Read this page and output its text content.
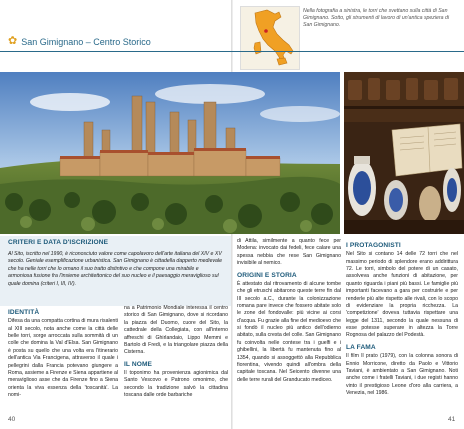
Nella fotografia a sinistra, le torri che svettano sulla città di San Gimignano. Sotto, gli strumenti di lavoro di un'antica speziera di San Gimignano.
✿ San Gimignano – Centro Storico
CRITERI E DATA D'ISCRIZIONE
Al Sito, iscritto nel 1990, è riconosciuto valore come capolavoro dell'arte italiana del XIV e XV secolo. Geniale esemplificazione urbanistica. San Gimignano è cittadella dapperto medievale che ha nelle torri che lo ornano il suo tratto distintivo e che compone una mirabile e armoniosa fusione fra l'insieme architettonico del suo nucleo e il paesaggio meraviglioso sul quale domina (criteri I, III, IV).
IDENTITÀ

Difesa da una compatta cortina di mura risalenti al XIII secolo, nota anche come la città delle belle torri, sorge arroccata sulla sommità di un colle che domina la Val d'Elsa. San Gimignano è posta su quello che una volta era l'itinerario dell'antica Via Francigena, attraverso il quale i pellegrini dalla Francia potevano giungere a Roma, assieme a Firenze e Siena appartiene al meraviglioso asse che da Firenze fino a Siena orienta la viva essenza della 'toscanità'. La nomi-

na a Patrimonio Mondiale interessa il centro storico di San Gimignano, dove si ricordano la piazza del Duomo, cuore del Sito, la cattedrale della Collegiata, con all'interno affreschi di Ghirlandaio, Lippo Memmi e Bartolo di Fredi, e la triangolare piazza della Cisterna.

IL NOME

Il toponimo ha provenienza agionimica dal Santo Vescovo e Patrono omonimo, che secondo la tradizione salvò la cittadina toscana dalle orde barbariche

di Attila, similmente a quanto fece per Modena: invocato dai fedeli, fece calare una spessa nebbia che rese San Gimignano invisibile al nemico.

ORIGINI E STORIA

È attestato dal ritrovamento di alcune tombe che gli etruschi abitarono queste terre fin dal III secolo a.C., durante la colonizzazione romana pare invece che fossero abitate solo le zone del fondovalle: più vicine ai corsi d'acqua. Fu grazie alla fine del medioevo che si fondò il nucleo più antico dell'odierno abitato, sulla cresta del colle. San Gimignano fu coinvolta nelle contese tra i guelfi e i ghibellini, la libertà fu mantenuta fino al 1354, quando si assoggettò alla Repubblica fiorentina, vivendo quindi all'ombra della capitale toscana. Nel Seicento divenne una delle terre rurali del Granducato mediceo.

I PROTAGONISTI

Nel Sito si contano 14 delle 72 torri che nel massimo periodo di splendore erano addirittura 72. Le torri, simbolo del potere di un casato, assolveva anche funzioni di abitazione, per quanto riguarda i piani più bassi. Le famiglie più importanti facevano a gara per costruirle e per renderle più alte rispetto alle rivali, con lo scopo di evidenziare la propria ricchezza. La 'competizione' doveva tuttavia rispettare una legge del 1311, secondo la quale nessuna di esse potesse superare in altezza la Torre Rognosa del palazzo del Podestà.

LA FAMA

Il film Il prato (1979), con la colonna sonora di Ennio Morricone, diretto da Paolo e Vittorio Taviani, è ambientato a San Gimignano. Noti anche come i fratelli Taviani, i due registi hanno vinto il prestigioso Leone d'oro alla carriera, a Venezia, nel 1986.

40	41
